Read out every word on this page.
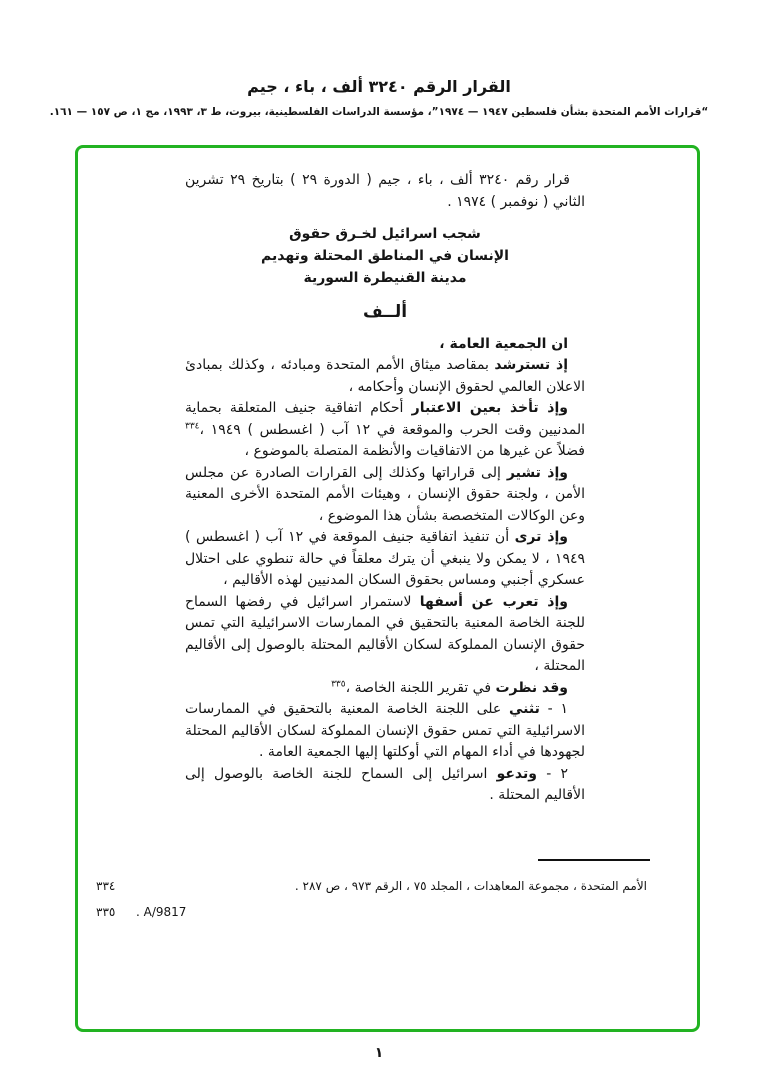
القرار الرقم ٣٢٤٠ ألف ، باء ، جيم
“قرارات الأمم المتحدة بشأن فلسطين ١٩٤٧ — ١٩٧٤”، مؤسسة الدراسات الفلسطينية، بيروت، ط ٣، ١٩٩٣، مج ١، ص ١٥٧ — ١٦١.

قرار رقم ٣٢٤٠ ألف ، باء ، جيم ( الدورة ٢٩ ) بتاريخ ٢٩ تشرين الثاني ( نوفمبر ) ١٩٧٤ .

شجب اسرائيل لخـرق حقوق
الإنسان في المناطق المحتلة وتهديم
مدينة القنيطرة السورية
ألــف

ان الجمعية العامة ،

إذ تسترشد بمقاصد ميثاق الأمم المتحدة ومبادئه ، وكذلك بمبادئ الاعلان العالمي لحقوق الإنسان وأحكامه ،

وإذ تأخذ بعين الاعتبار أحكام اتفاقية جنيف المتعلقة بحماية المدنيين وقت الحرب والموقعة في ١٢ آب ( اغسطس ) ١٩٤٩ ،$^{٣٣٤}$ فضلاً عن غيرها من الاتفاقيات والأنظمة المتصلة بالموضوع ،

وإذ تشير إلى قراراتها وكذلك إلى القرارات الصادرة عن مجلس الأمن ، ولجنة حقوق الإنسان ، وهيئات الأمم المتحدة الأخرى المعنية وعن الوكالات المتخصصة بشأن هذا الموضوع ،

وإذ ترى أن تنفيذ اتفاقية جنيف الموقعة في ١٢ آب ( اغسطس ) ١٩٤٩ ، لا يمكن ولا ينبغي أن يترك معلقاً في حالة تنطوي على احتلال عسكري أجنبي ومساس بحقوق السكان المدنيين لهذه الأقاليم ،

وإذ تعرب عن أسفها لاستمرار اسرائيل في رفضها السماح للجنة الخاصة المعنية بالتحقيق في الممارسات الاسرائيلية التي تمس حقوق الإنسان المملوكة لسكان الأقاليم المحتلة بالوصول إلى الأقاليم المحتلة ،

وقد نظرت في تقرير اللجنة الخاصة ،$^{٣٣٥}$

١ - تثني على اللجنة الخاصة المعنية بالتحقيق في الممارسات الاسرائيلية التي تمس حقوق الإنسان المملوكة لسكان الأقاليم المحتلة لجهودها في أداء المهام التي أوكلتها إليها الجمعية العامة .

٢ - وتدعو اسرائيل إلى السماح للجنة الخاصة بالوصول إلى الأقاليم المحتلة .

٣٣٤	الأمم المتحدة ، مجموعة المعاهدات ، المجلد ٧٥ ، الرقم ٩٧٣ ، ص ٢٨٧ .
٣٣٥	A/9817 .
١
